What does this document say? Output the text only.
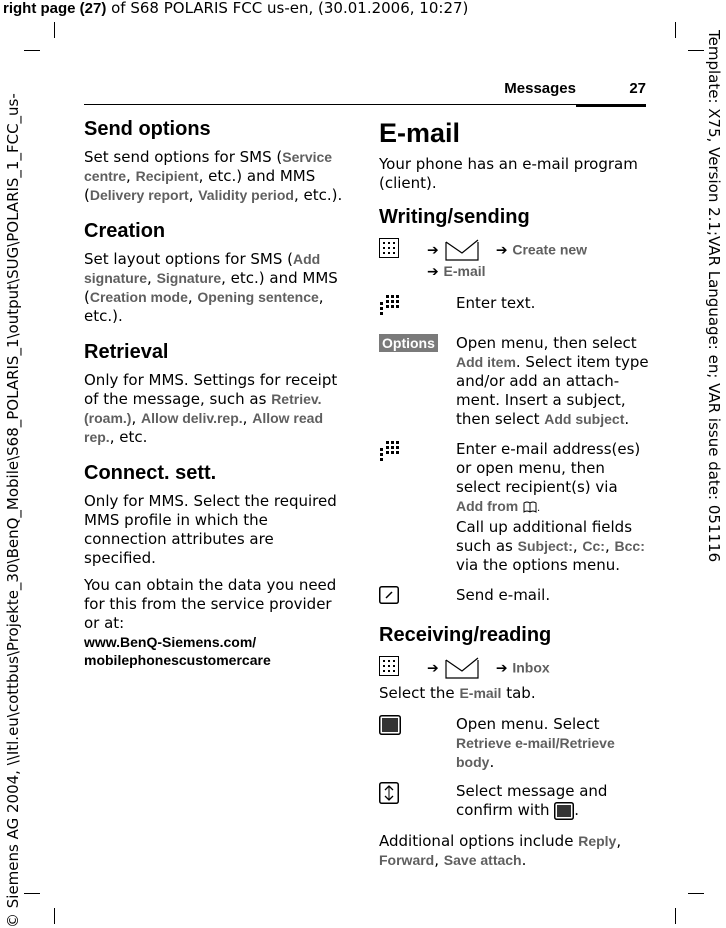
right page (27) of S68 POLARIS FCC us-en, (30.01.2006, 10:27)
© Siemens AG 2004, \\Itl.eu\cottbus\Projekte_30\BenQ_Mobile\S68_POLARIS_1\output\SUG\POLARIS_1_FCC_us-	Template: X75, Version 2.1;VAR Language: en; VAR issue date: 051116
Messages	27
Send options

Set send options for SMS (Service centre, Recipient, etc.) and MMS (Delivery report, Validity period, etc.).

Creation

Set layout options for SMS (Add signature, Signature, etc.) and MMS (Creation mode, Opening sentence, etc.).

Retrieval

Only for MMS. Settings for receipt of the message, such as Retriev.(roam.), Allow deliv.rep., Allow read rep., etc.

Connect. sett.

Only for MMS. Select the required MMS profile in which the connection attributes are specified.

You can obtain the data you need for this from the service provider or at:

www.BenQ-Siemens.com/ mobilephonescustomercare

E-mail

Your phone has an e-mail program (client).

Writing/sending
➔	➔ Create new
➔ E-mail

Enter text.

Options	Open menu, then select Add item. Select item type and/or add an attach-ment. Insert a subject, then select Add subject.

Enter e-mail address(es) or open menu, then select recipient(s) via
Add from .
Call up additional fields such as Subject:, Cc:, Bcc: via the options menu.

Send e-mail.

Receiving/reading
➔	➔ Inbox

Select the E-mail tab.

Open menu. Select Retrieve e-mail/Retrieve body.

Select message and confirm with .

Additional options include Reply, Forward, Save attach.
